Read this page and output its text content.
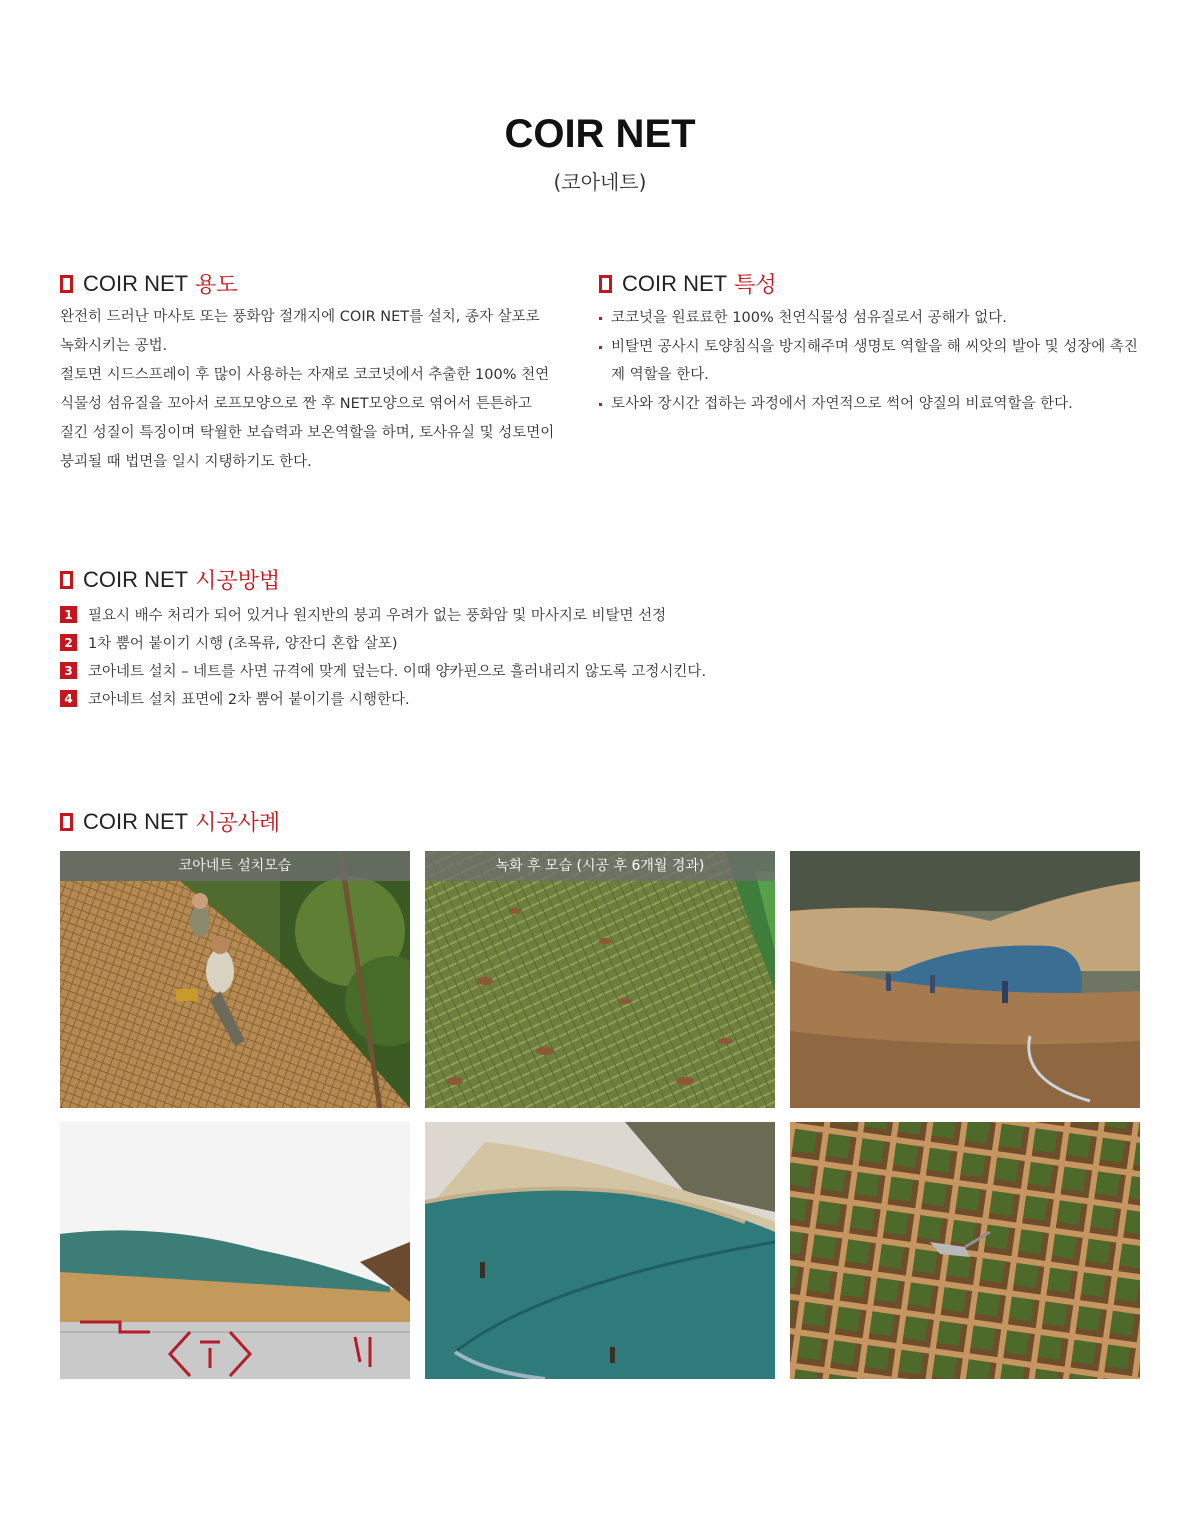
COIR NET
(코아네트)
COIR NET 용도
완전히 드러난 마사토 또는 풍화암 절개지에 COIR NET를 설치, 종자 살포로
녹화시키는 공법.
절토면 시드스프레이 후 많이 사용하는 자재로 코코넛에서 추출한 100% 천연
식물성 섬유질을 꼬아서 로프모양으로 짠 후 NET모양으로 엮어서 튼튼하고
질긴 성질이 특징이며 탁월한 보습력과 보온역할을 하며, 토사유실 및 성토면이
붕괴될 때 법면을 일시 지탱하기도 한다.
COIR NET 특성
코코넛을 원료료한 100% 천연식물성 섬유질로서 공해가 없다.
비탈면 공사시 토양침식을 방지해주며 생명토 역할을 해 씨앗의 발아 및 성장에 촉진제 역할을 한다.
토사와 장시간 접하는 과정에서 자연적으로 썩어 양질의 비료역할을 한다.
COIR NET 시공방법
1 필요시 배수 처리가 되어 있거나 원지반의 붕괴 우려가 없는 풍화암 및 마사지로 비탈면 선정
2 1차 뿜어 붙이기 시행 (초목류, 양잔디 혼합 살포)
3 코아네트 설치 – 네트를 사면 규격에 맞게 덮는다. 이때 양카핀으로 흘러내리지 않도록 고정시킨다.
4 코아네트 설치 표면에 2차 뿜어 붙이기를 시행한다.
COIR NET 시공사례
코아네트 설치모습	녹화 후 모습 (시공 후 6개월 경과)
